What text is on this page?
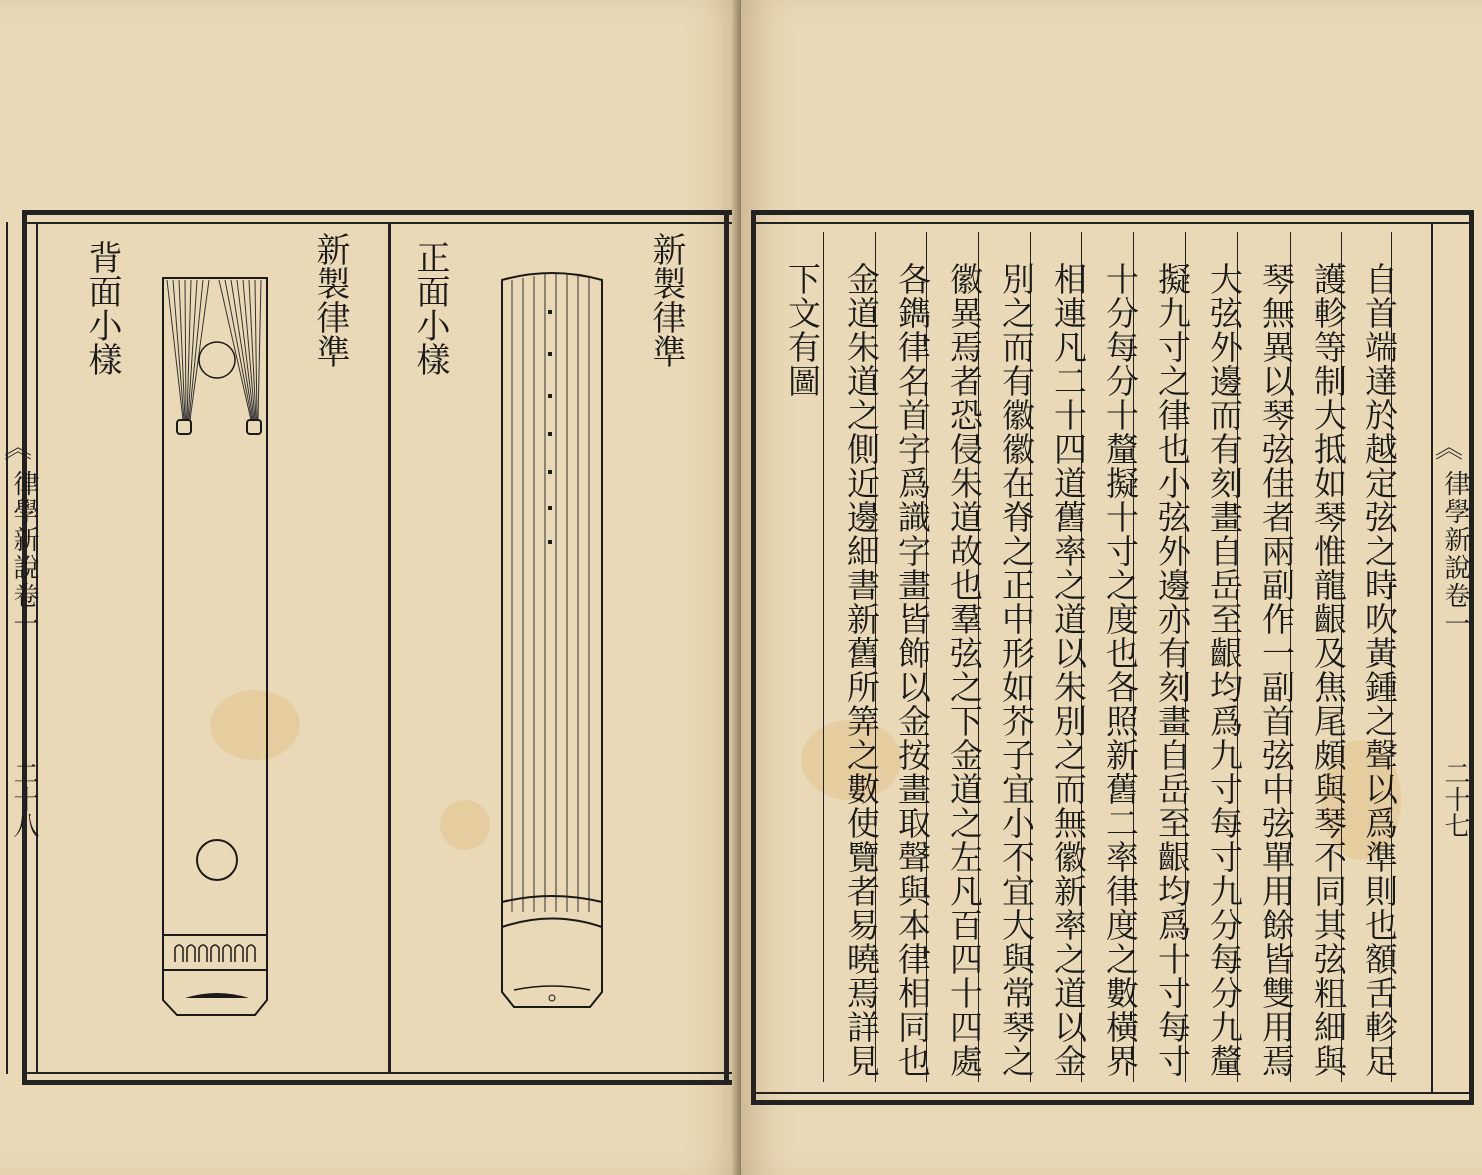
︽
律學新說卷一
二十八
新製律準
正面小樣
新製律準
背面小樣	自首端達於越定弦之時吹黃鍾之聲以爲準則也額舌軫足
護軫等制大抵如琴惟龍齦及焦尾頗與琴不同其弦粗細與
琴無異以琴弦佳者兩副作一副首弦中弦單用餘皆雙用焉
大弦外邊而有刻畫自岳至齦均爲九寸每寸九分每分九釐
擬九寸之律也小弦外邊亦有刻畫自岳至齦均爲十寸每寸
十分每分十釐擬十寸之度也各照新舊二率律度之數橫界
相連凡二十四道舊率之道以朱別之而無徽新率之道以金
別之而有徽徽在脊之正中形如芥子宜小不宜大與常琴之
徽異焉者恐侵朱道故也羣弦之下金道之左凡百四十四處
各鐫律名首字爲識字畫皆飾以金按畫取聲與本律相同也
金道朱道之側近邊細書新舊所筭之數使覽者易曉焉詳見
下文有圖
︽
律學新說卷一
二十七
